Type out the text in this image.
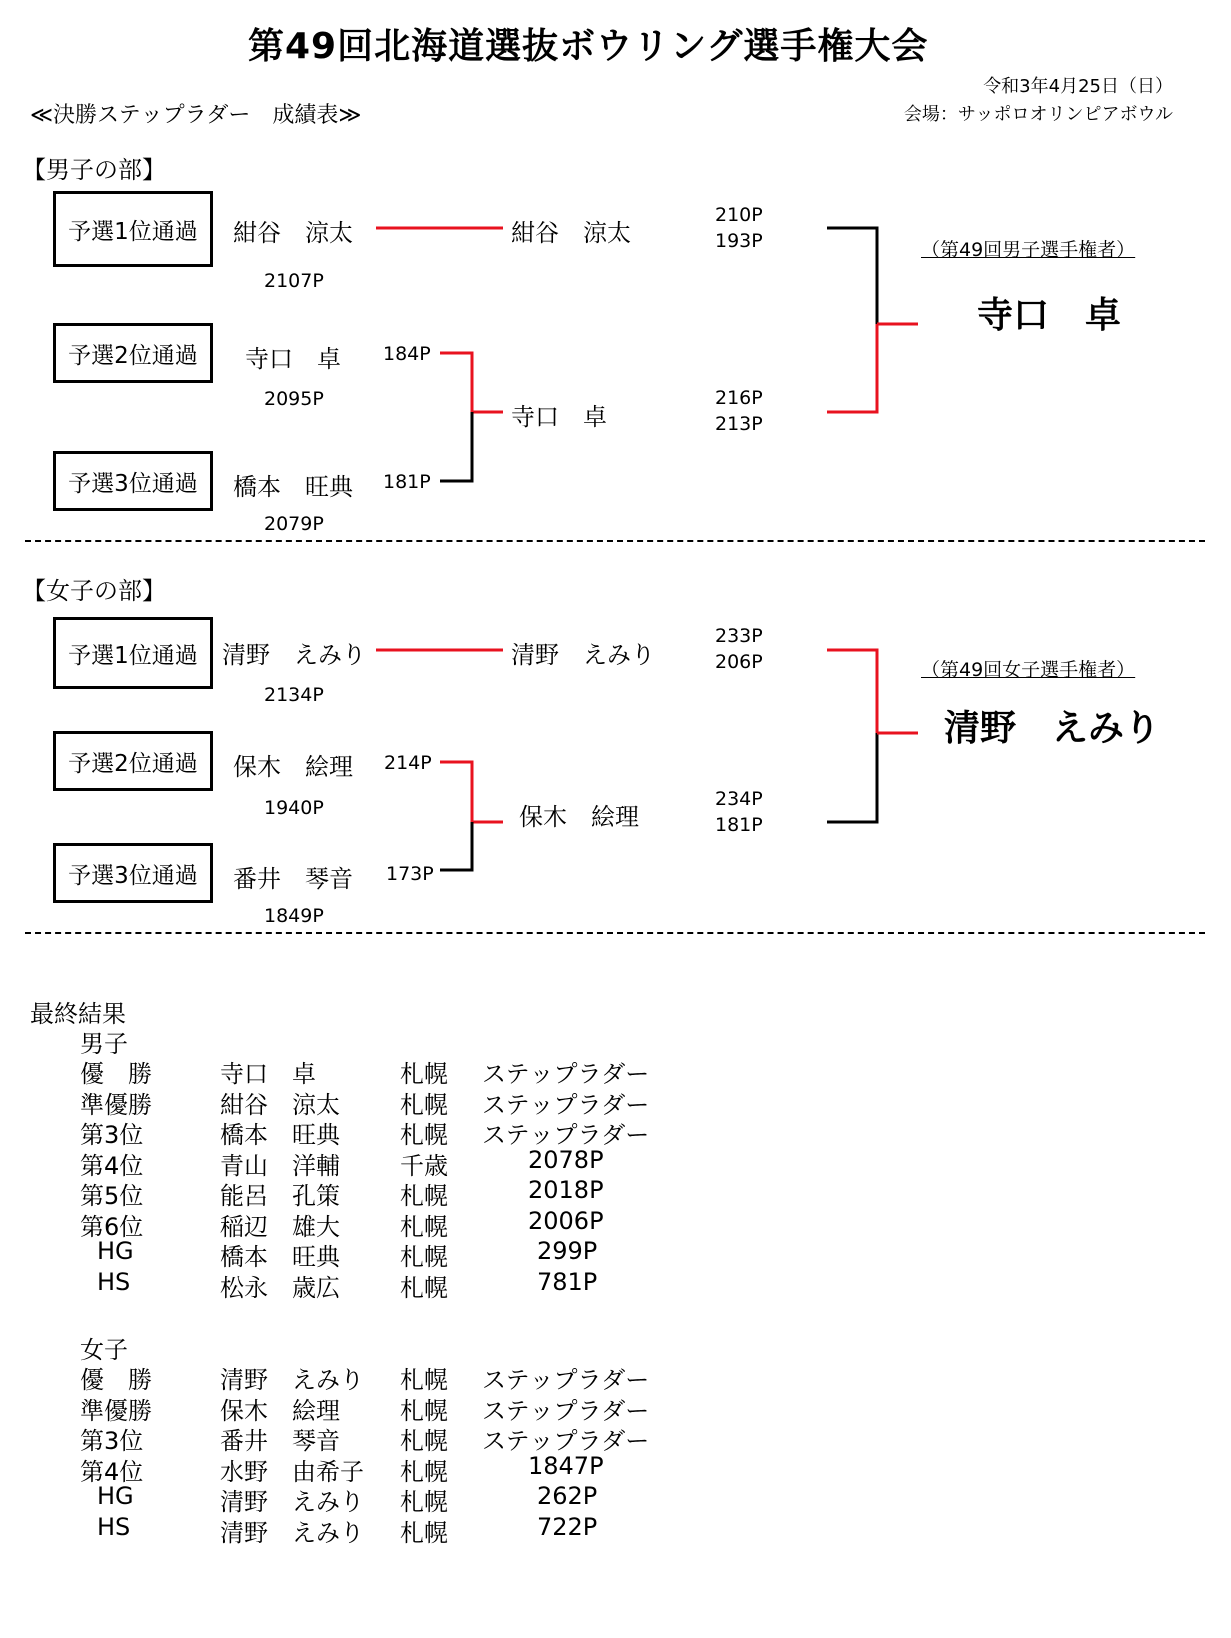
第49回北海道選抜ボウリング選手権大会
令和3年4月25日（日）
会場：サッポロオリンピアボウル
≪決勝ステップラダー　成績表≫
【男子の部】
予選1位通過 紺谷　涼太
2107P
予選2位通過 寺口　卓 184P
2095P
予選3位通過 橋本　旺典 181P
2079P
紺谷　涼太
寺口　卓
210P
193P
216P
213P
（第49回男子選手権者）
寺口　卓
【女子の部】
予選1位通過 清野　えみり
2134P
予選2位通過 保木　絵理 214P
1940P
予選3位通過 番井　琴音 173P
1849P
清野　えみり
保木　絵理
233P
206P
234P
181P
（第49回女子選手権者）
清野　えみり
最終結果
男子
優　勝	寺口　卓	札幌 ステップラダー
準優勝	紺谷　涼太	札幌 ステップラダー
第3位	橋本　旺典	札幌 ステップラダー
第4位	青山　洋輔	千歳	2078P
第5位	能呂　孔策	札幌	2018P
第6位	稲辺　雄大	札幌	2006P
HG	橋本　旺典	札幌	299P
HS	松永　歳広	札幌	781P
女子
優　勝	清野　えみり 札幌 ステップラダー
準優勝	保木　絵理	札幌 ステップラダー
第3位	番井　琴音	札幌 ステップラダー
第4位	水野　由希子 札幌	1847P
HG	清野　えみり 札幌	262P
HS	清野　えみり 札幌	722P
